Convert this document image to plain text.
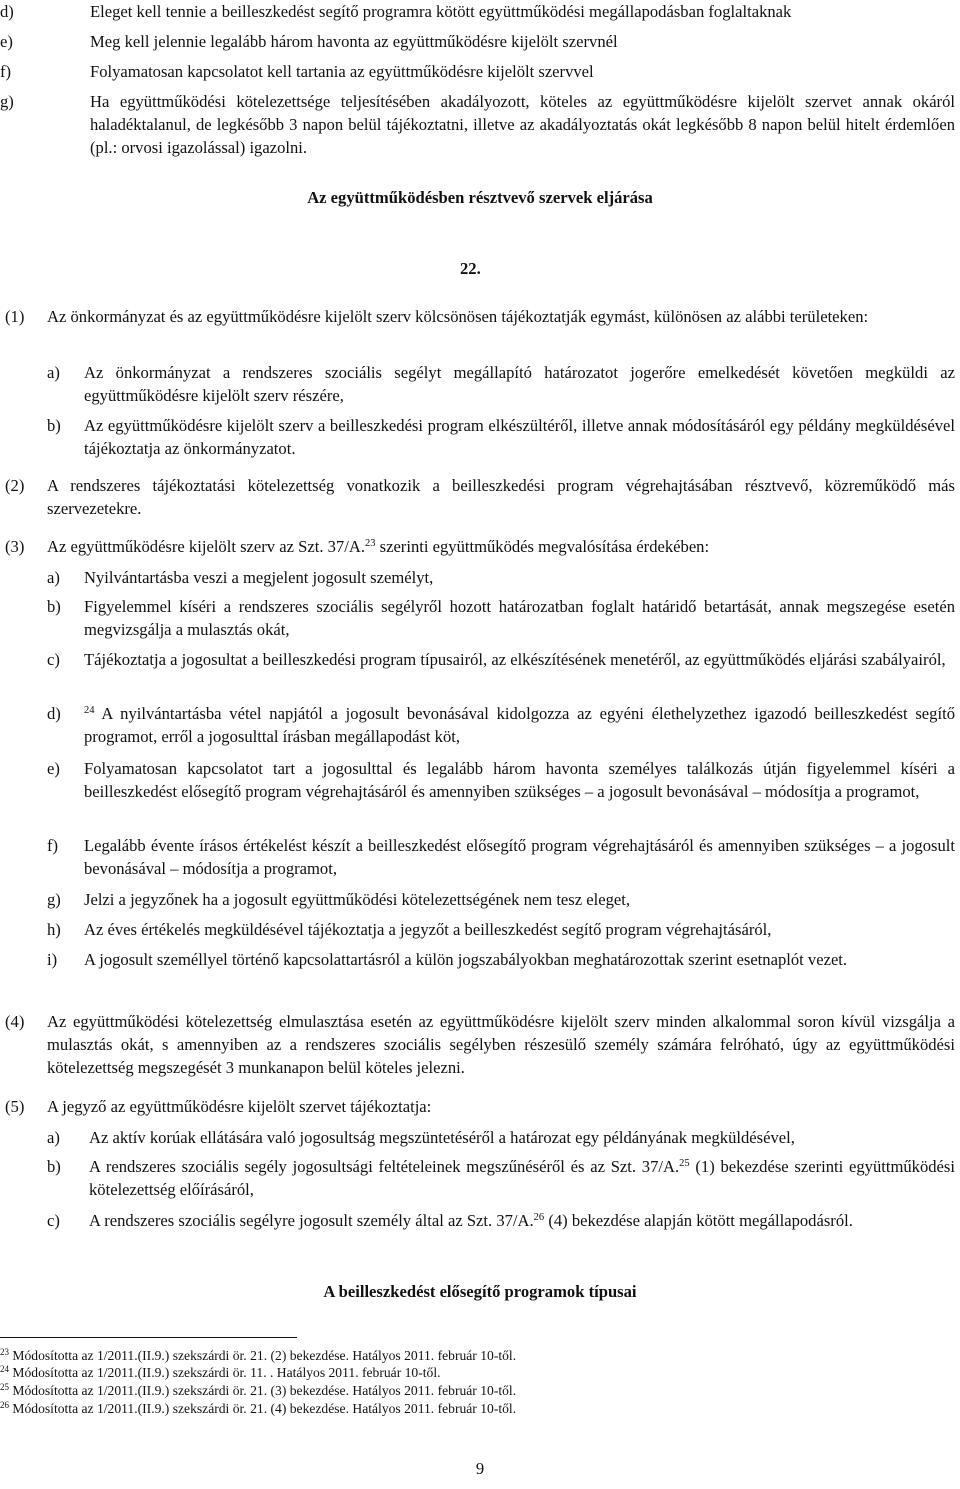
d)	Eleget kell tennie a beilleszkedést segítő programra kötött együttműködési megállapodásban foglaltaknak
e)	Meg kell jelennie legalább három havonta az együttműködésre kijelölt szervnél
f)	Folyamatosan kapcsolatot kell tartania az együttműködésre kijelölt szervvel
g)	Ha együttműködési kötelezettsége teljesítésében akadályozott, köteles az együttműködésre kijelölt szervet annak okáról haladéktalanul, de legkésőbb 3 napon belül tájékoztatni, illetve az akadályoztatás okát legkésőbb 8 napon belül hitelt érdemlően (pl.: orvosi igazolással) igazolni.
Az együttműködésben résztvevő szervek eljárása
22.
(1)	Az önkormányzat és az együttműködésre kijelölt szerv kölcsönösen tájékoztatják egymást, különösen az alábbi területeken:
a)	Az önkormányzat a rendszeres szociális segélyt megállapító határozatot jogerőre emelkedését követően megküldi az együttműködésre kijelölt szerv részére,
b)	Az együttműködésre kijelölt szerv a beilleszkedési program elkészültéről, illetve annak módosításáról egy példány megküldésével tájékoztatja az önkormányzatot.
(2)	A rendszeres tájékoztatási kötelezettség vonatkozik a beilleszkedési program végrehajtásában résztvevő, közreműködő más szervezetekre.
(3)	Az együttműködésre kijelölt szerv az Szt. 37/A.$^{23}$ szerinti együttműködés megvalósítása érdekében:
a)	Nyilvántartásba veszi a megjelent jogosult személyt,
b)	Figyelemmel kíséri a rendszeres szociális segélyről hozott határozatban foglalt határidő betartását, annak megszegése esetén megvizsgálja a mulasztás okát,
c)	Tájékoztatja a jogosultat a beilleszkedési program típusairól, az elkészítésének menetéről, az együttműködés eljárási szabályairól,
d)	$^{24}$ A nyilvántartásba vétel napjától a jogosult bevonásával kidolgozza az egyéni élethelyzethez igazodó beilleszkedést segítő programot, erről a jogosulttal írásban megállapodást köt,
e)	Folyamatosan kapcsolatot tart a jogosulttal és legalább három havonta személyes találkozás útján figyelemmel kíséri a beilleszkedést elősegítő program végrehajtásáról és amennyiben szükséges – a jogosult bevonásával – módosítja a programot,
f)	Legalább évente írásos értékelést készít a beilleszkedést elősegítő program végrehajtásáról és amennyiben szükséges – a jogosult bevonásával – módosítja a programot,
g)	Jelzi a jegyzőnek ha a jogosult együttműködési kötelezettségének nem tesz eleget,
h)	Az éves értékelés megküldésével tájékoztatja a jegyzőt a beilleszkedést segítő program végrehajtásáról,
i)	A jogosult személlyel történő kapcsolattartásról a külön jogszabályokban meghatározottak szerint esetnaplót vezet.
(4)	Az együttműködési kötelezettség elmulasztása esetén az együttműködésre kijelölt szerv minden alkalommal soron kívül vizsgálja a mulasztás okát, s amennyiben az a rendszeres szociális segélyben részesülő személy számára felróható, úgy az együttműködési kötelezettség megszegését 3 munkanapon belül köteles jelezni.
(5)	A jegyző az együttműködésre kijelölt szervet tájékoztatja:
a)	Az aktív korúak ellátására való jogosultság megszüntetéséről a határozat egy példányának megküldésével,
b)	A rendszeres szociális segély jogosultsági feltételeinek megszűnéséről és az Szt. 37/A.$^{25}$ (1) bekezdése szerinti együttműködési kötelezettség előírásáról,
c)	A rendszeres szociális segélyre jogosult személy által az Szt. 37/A.$^{26}$ (4) bekezdése alapján kötött megállapodásról.
A beilleszkedést elősegítő programok típusai
$^{23}$ Módosította az 1/2011.(II.9.) szekszárdi ör. 21. (2) bekezdése. Hatályos 2011. február 10-től.
$^{24}$ Módosította az 1/2011.(II.9.) szekszárdi ör. 11. . Hatályos 2011. február 10-től.
$^{25}$ Módosította az 1/2011.(II.9.) szekszárdi ör. 21. (3) bekezdése. Hatályos 2011. február 10-től.
$^{26}$ Módosította az 1/2011.(II.9.) szekszárdi ör. 21. (4) bekezdése. Hatályos 2011. február 10-től.
9
